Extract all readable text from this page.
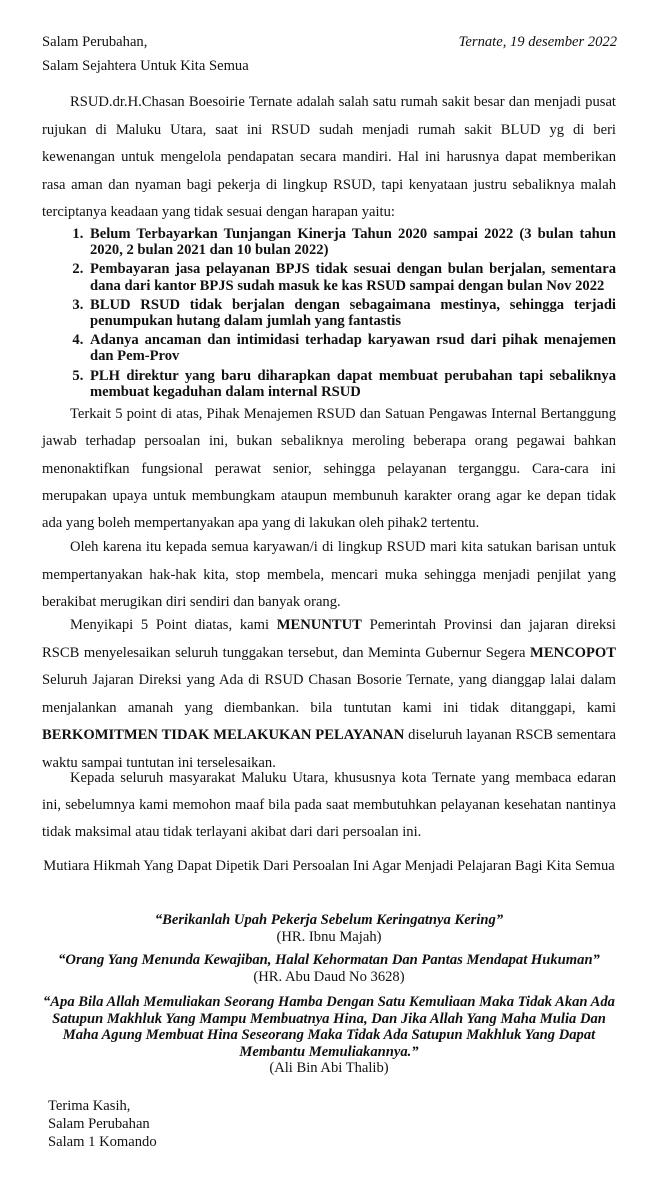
Salam Perubahan,
Salam Sejahtera Untuk Kita Semua
Ternate, 19 desember 2022
RSUD.dr.H.Chasan Boesoirie Ternate adalah salah satu rumah sakit besar dan menjadi pusat rujukan di Maluku Utara, saat ini RSUD sudah menjadi rumah sakit BLUD yg di beri kewenangan untuk mengelola pendapatan secara mandiri. Hal ini harusnya dapat memberikan rasa aman dan nyaman bagi pekerja di lingkup RSUD, tapi kenyataan justru sebaliknya malah terciptanya keadaan yang tidak sesuai dengan harapan yaitu:
1. Belum Terbayarkan Tunjangan Kinerja Tahun 2020 sampai 2022 (3 bulan tahun 2020, 2 bulan 2021 dan 10 bulan 2022)
2. Pembayaran jasa pelayanan BPJS tidak sesuai dengan bulan berjalan, sementara dana dari kantor BPJS sudah masuk ke kas RSUD sampai dengan bulan Nov 2022
3. BLUD RSUD tidak berjalan dengan sebagaimana mestinya, sehingga terjadi penumpukan hutang dalam jumlah yang fantastis
4. Adanya ancaman dan intimidasi terhadap karyawan rsud dari pihak menajemen dan Pem-Prov
5. PLH direktur yang baru diharapkan dapat membuat perubahan tapi sebaliknya membuat kegaduhan dalam internal RSUD
Terkait 5 point di atas, Pihak Menajemen RSUD dan Satuan Pengawas Internal Bertanggung jawab terhadap persoalan ini, bukan sebaliknya meroling beberapa orang pegawai bahkan menonaktifkan fungsional perawat senior, sehingga pelayanan terganggu. Cara-cara ini merupakan upaya untuk membungkam ataupun membunuh karakter orang agar ke depan tidak ada yang boleh mempertanyakan apa yang di lakukan oleh pihak2 tertentu.
Oleh karena itu kepada semua karyawan/i di lingkup RSUD mari kita satukan barisan untuk mempertanyakan hak-hak kita, stop membela, mencari muka sehingga menjadi penjilat yang berakibat merugikan diri sendiri dan banyak orang.
Menyikapi 5 Point diatas, kami MENUNTUT Pemerintah Provinsi dan jajaran direksi RSCB menyelesaikan seluruh tunggakan tersebut, dan Meminta Gubernur Segera MENCOPOT Seluruh Jajaran Direksi yang Ada di RSUD Chasan Bosorie Ternate, yang dianggap lalai dalam menjalankan amanah yang diembankan. bila tuntutan kami ini tidak ditanggapi, kami BERKOMITMEN TIDAK MELAKUKAN PELAYANAN diseluruh layanan RSCB sementara waktu sampai tuntutan ini terselesaikan.
Kepada seluruh masyarakat Maluku Utara, khususnya kota Ternate yang membaca edaran ini, sebelumnya kami memohon maaf bila pada saat membutuhkan pelayanan kesehatan nantinya tidak maksimal atau tidak terlayani akibat dari dari persoalan ini.
Mutiara Hikmah Yang Dapat Dipetik Dari Persoalan Ini Agar Menjadi Pelajaran Bagi Kita Semua
“Berikanlah Upah Pekerja Sebelum Keringatnya Kering”
(HR. Ibnu Majah)
“Orang Yang Menunda Kewajiban, Halal Kehormatan Dan Pantas Mendapat Hukuman”
(HR. Abu Daud No 3628)
“Apa Bila Allah Memuliakan Seorang Hamba Dengan Satu Kemuliaan Maka Tidak Akan Ada Satupun Makhluk Yang Mampu Membuatnya Hina, Dan Jika Allah Yang Maha Mulia Dan Maha Agung Membuat Hina Seseorang Maka Tidak Ada Satupun Makhluk Yang Dapat Membantu Memuliakannya.”
(Ali Bin Abi Thalib)
Terima Kasih,
Salam Perubahan
Salam 1 Komando
